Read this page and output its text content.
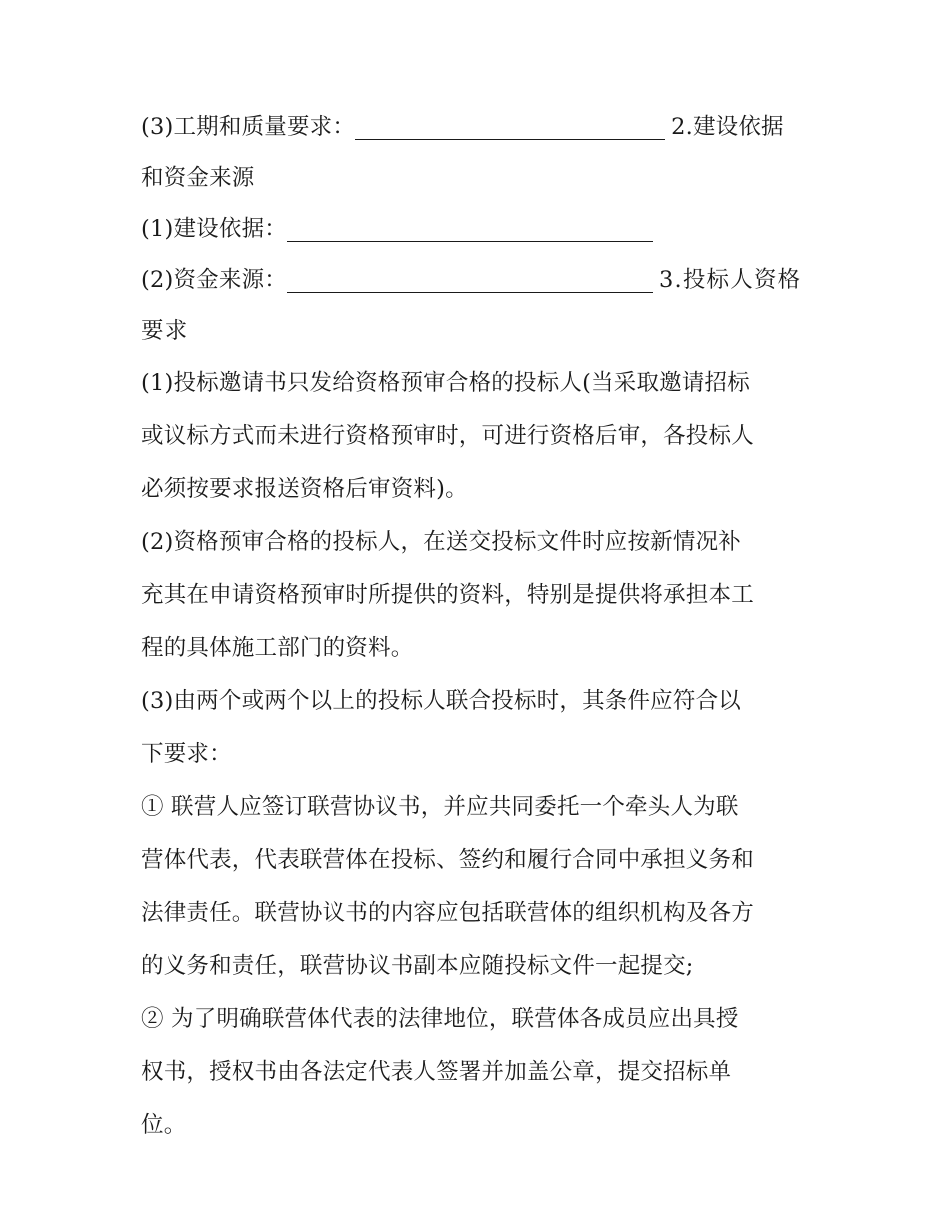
(3)工期和质量要求：	2.建设依据
和资金来源
(1)建设依据：
(2)资金来源：	3.投标人资格
要求
(1)投标邀请书只发给资格预审合格的投标人(当采取邀请招标
或议标方式而未进行资格预审时，可进行资格后审，各投标人
必须按要求报送资格后审资料)。
(2)资格预审合格的投标人，在送交投标文件时应按新情况补
充其在申请资格预审时所提供的资料，特别是提供将承担本工
程的具体施工部门的资料。
(3)由两个或两个以上的投标人联合投标时，其条件应符合以
下要求：
① 联营人应签订联营协议书，并应共同委托一个牵头人为联
营体代表，代表联营体在投标、签约和履行合同中承担义务和
法律责任。联营协议书的内容应包括联营体的组织机构及各方
的义务和责任，联营协议书副本应随投标文件一起提交;
② 为了明确联营体代表的法律地位，联营体各成员应出具授
权书，授权书由各法定代表人签署并加盖公章，提交招标单
位。
